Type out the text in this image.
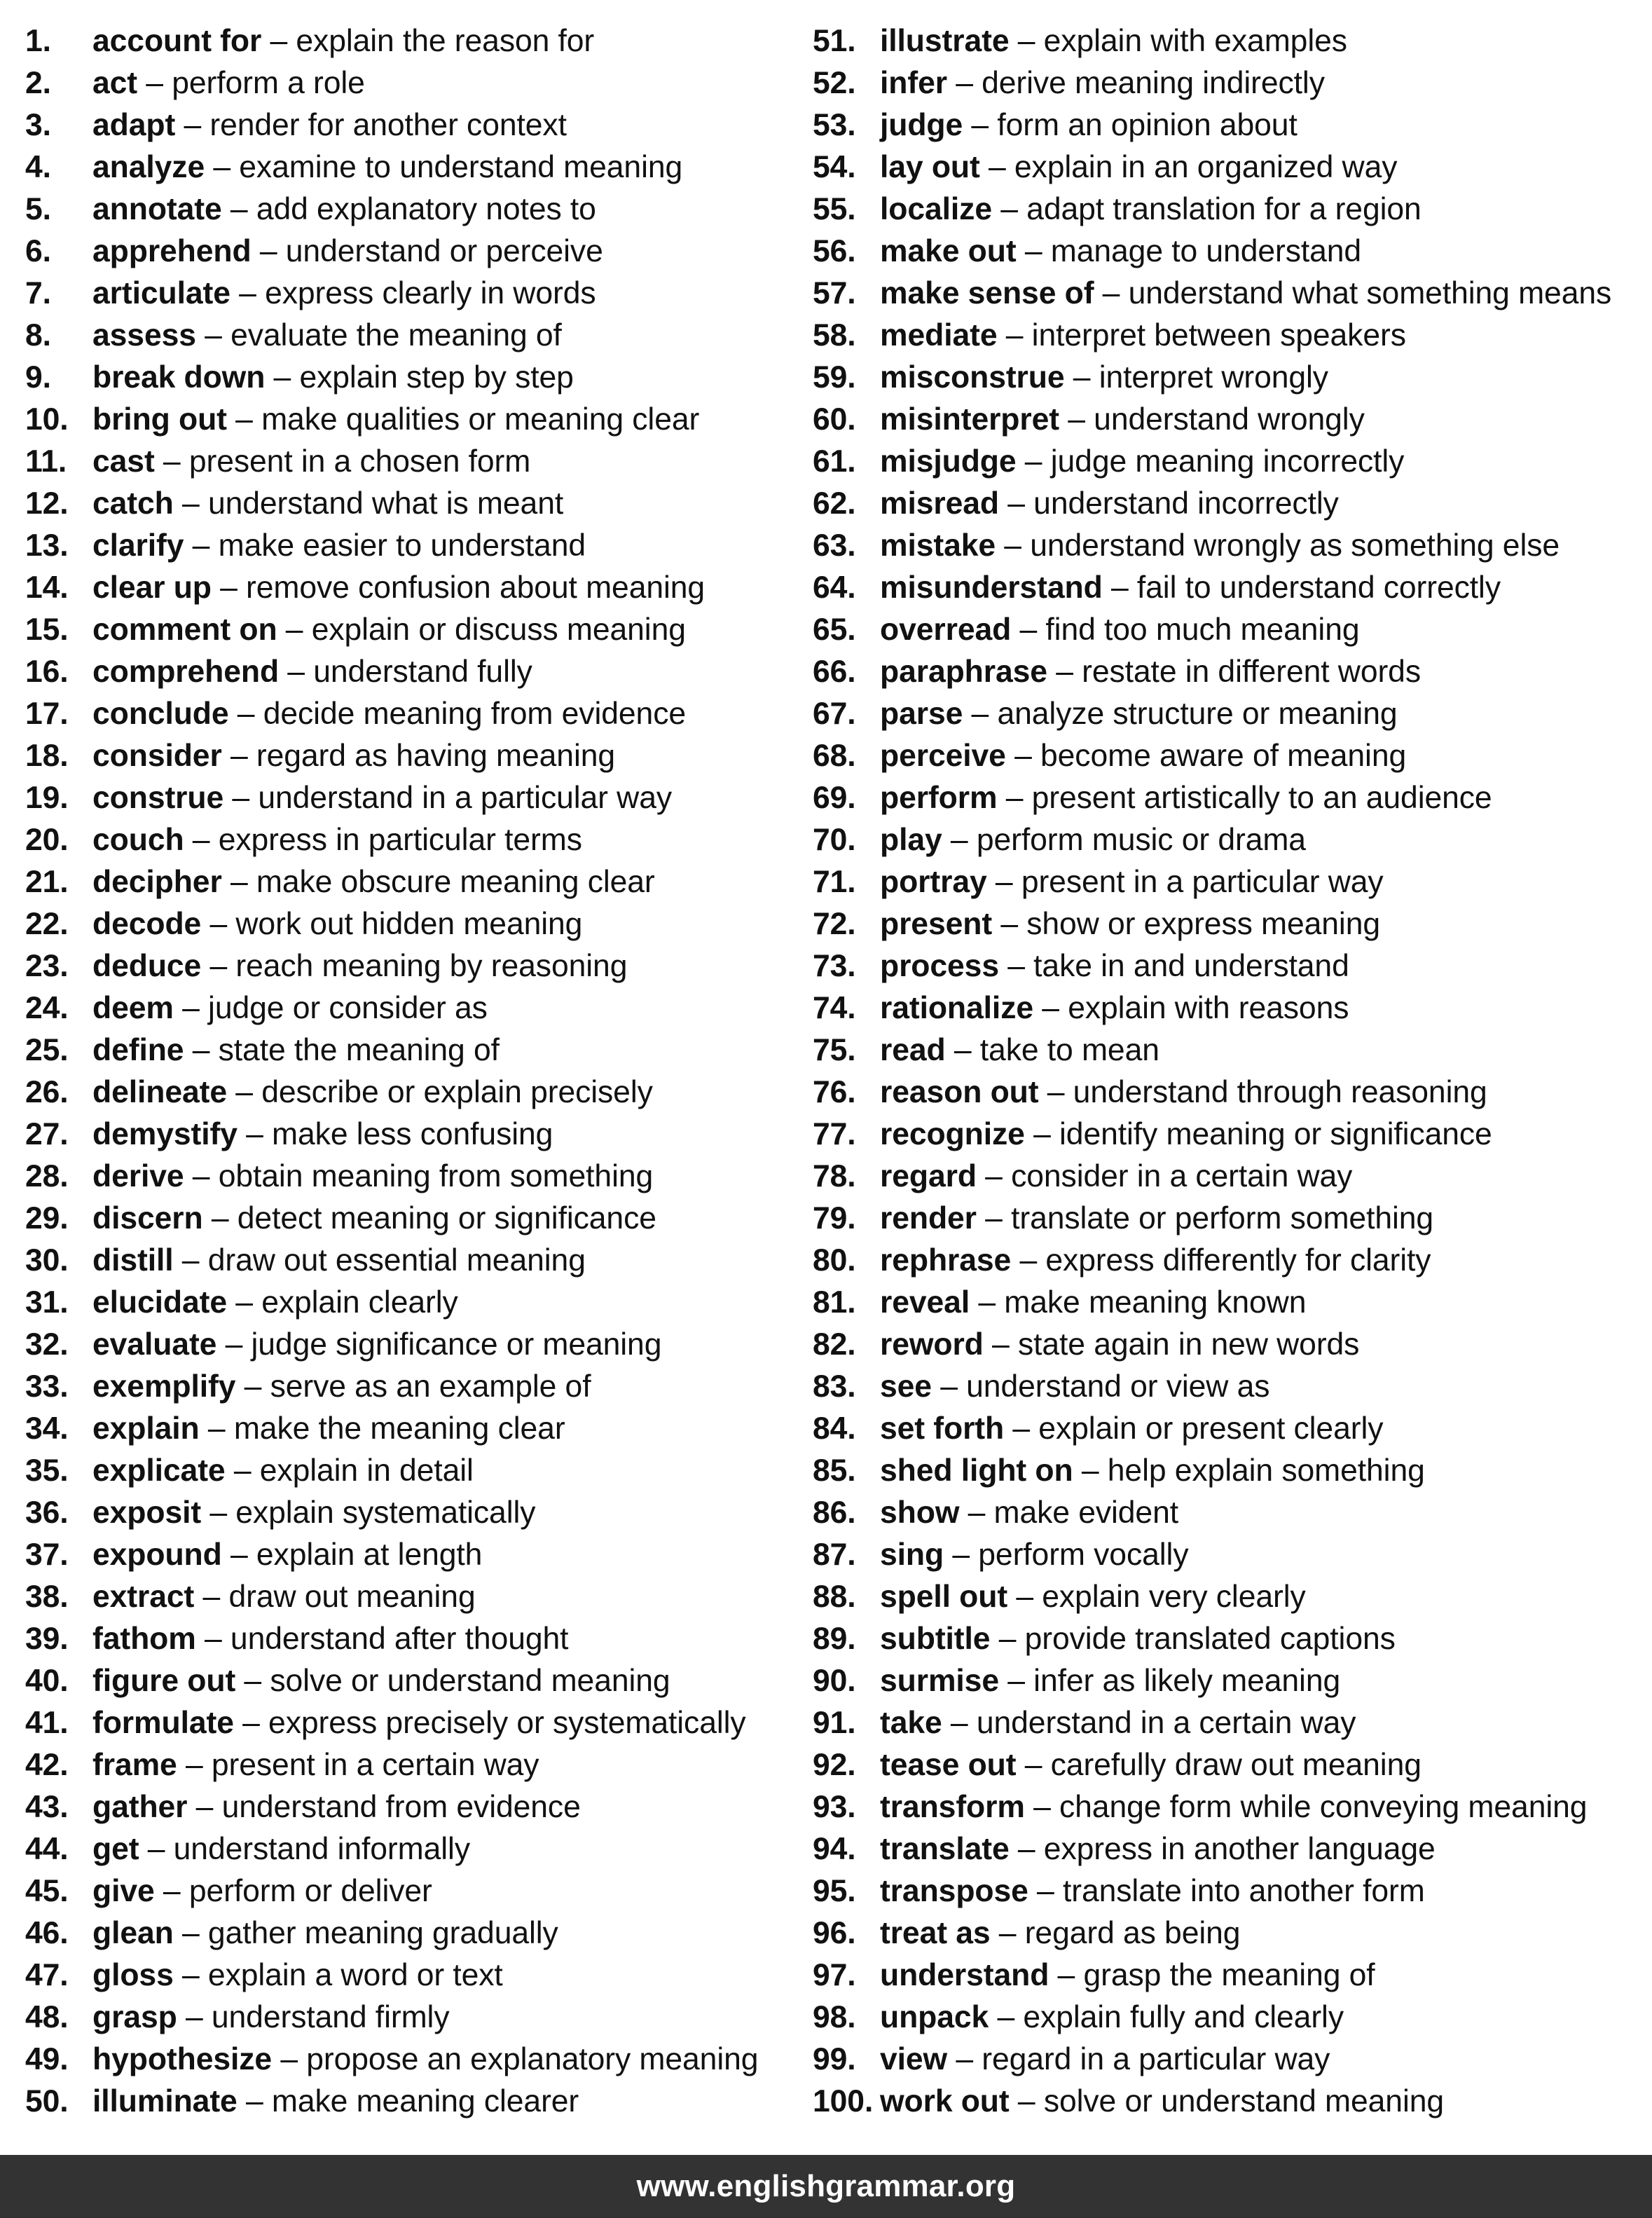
1.	account for – explain the reason for
2.	act – perform a role
3.	adapt – render for another context
4.	analyze – examine to understand meaning
5.	annotate – add explanatory notes to
6.	apprehend – understand or perceive
7.	articulate – express clearly in words
8.	assess – evaluate the meaning of
9.	break down – explain step by step
10. bring out – make qualities or meaning clear
11. cast – present in a chosen form
12. catch – understand what is meant
13. clarify – make easier to understand
14. clear up – remove confusion about meaning
15. comment on – explain or discuss meaning
16. comprehend – understand fully
17. conclude – decide meaning from evidence
18. consider – regard as having meaning
19. construe – understand in a particular way
20. couch – express in particular terms
21. decipher – make obscure meaning clear
22. decode – work out hidden meaning
23. deduce – reach meaning by reasoning
24. deem – judge or consider as
25. define – state the meaning of
26. delineate – describe or explain precisely
27. demystify – make less confusing
28. derive – obtain meaning from something
29. discern – detect meaning or significance
30. distill – draw out essential meaning
31. elucidate – explain clearly
32. evaluate – judge significance or meaning
33. exemplify – serve as an example of
34. explain – make the meaning clear
35. explicate – explain in detail
36. exposit – explain systematically
37. expound – explain at length
38. extract – draw out meaning
39. fathom – understand after thought
40. figure out – solve or understand meaning
41. formulate – express precisely or systematically
42. frame – present in a certain way
43. gather – understand from evidence
44. get – understand informally
45. give – perform or deliver
46. glean – gather meaning gradually
47. gloss – explain a word or text
48. grasp – understand firmly
49. hypothesize – propose an explanatory meaning
50. illuminate – make meaning clearer
51. illustrate – explain with examples
52. infer – derive meaning indirectly
53. judge – form an opinion about
54. lay out – explain in an organized way
55. localize – adapt translation for a region
56. make out – manage to understand
57. make sense of – understand what something means
58. mediate – interpret between speakers
59. misconstrue – interpret wrongly
60. misinterpret – understand wrongly
61. misjudge – judge meaning incorrectly
62. misread – understand incorrectly
63. mistake – understand wrongly as something else
64. misunderstand – fail to understand correctly
65. overread – find too much meaning
66. paraphrase – restate in different words
67. parse – analyze structure or meaning
68. perceive – become aware of meaning
69. perform – present artistically to an audience
70. play – perform music or drama
71. portray – present in a particular way
72. present – show or express meaning
73. process – take in and understand
74. rationalize – explain with reasons
75. read – take to mean
76. reason out – understand through reasoning
77. recognize – identify meaning or significance
78. regard – consider in a certain way
79. render – translate or perform something
80. rephrase – express differently for clarity
81. reveal – make meaning known
82. reword – state again in new words
83. see – understand or view as
84. set forth – explain or present clearly
85. shed light on – help explain something
86. show – make evident
87. sing – perform vocally
88. spell out – explain very clearly
89. subtitle – provide translated captions
90. surmise – infer as likely meaning
91. take – understand in a certain way
92. tease out – carefully draw out meaning
93. transform – change form while conveying meaning
94. translate – express in another language
95. transpose – translate into another form
96. treat as – regard as being
97. understand – grasp the meaning of
98. unpack – explain fully and clearly
99. view – regard in a particular way
100. work out – solve or understand meaning
www.englishgrammar.org
